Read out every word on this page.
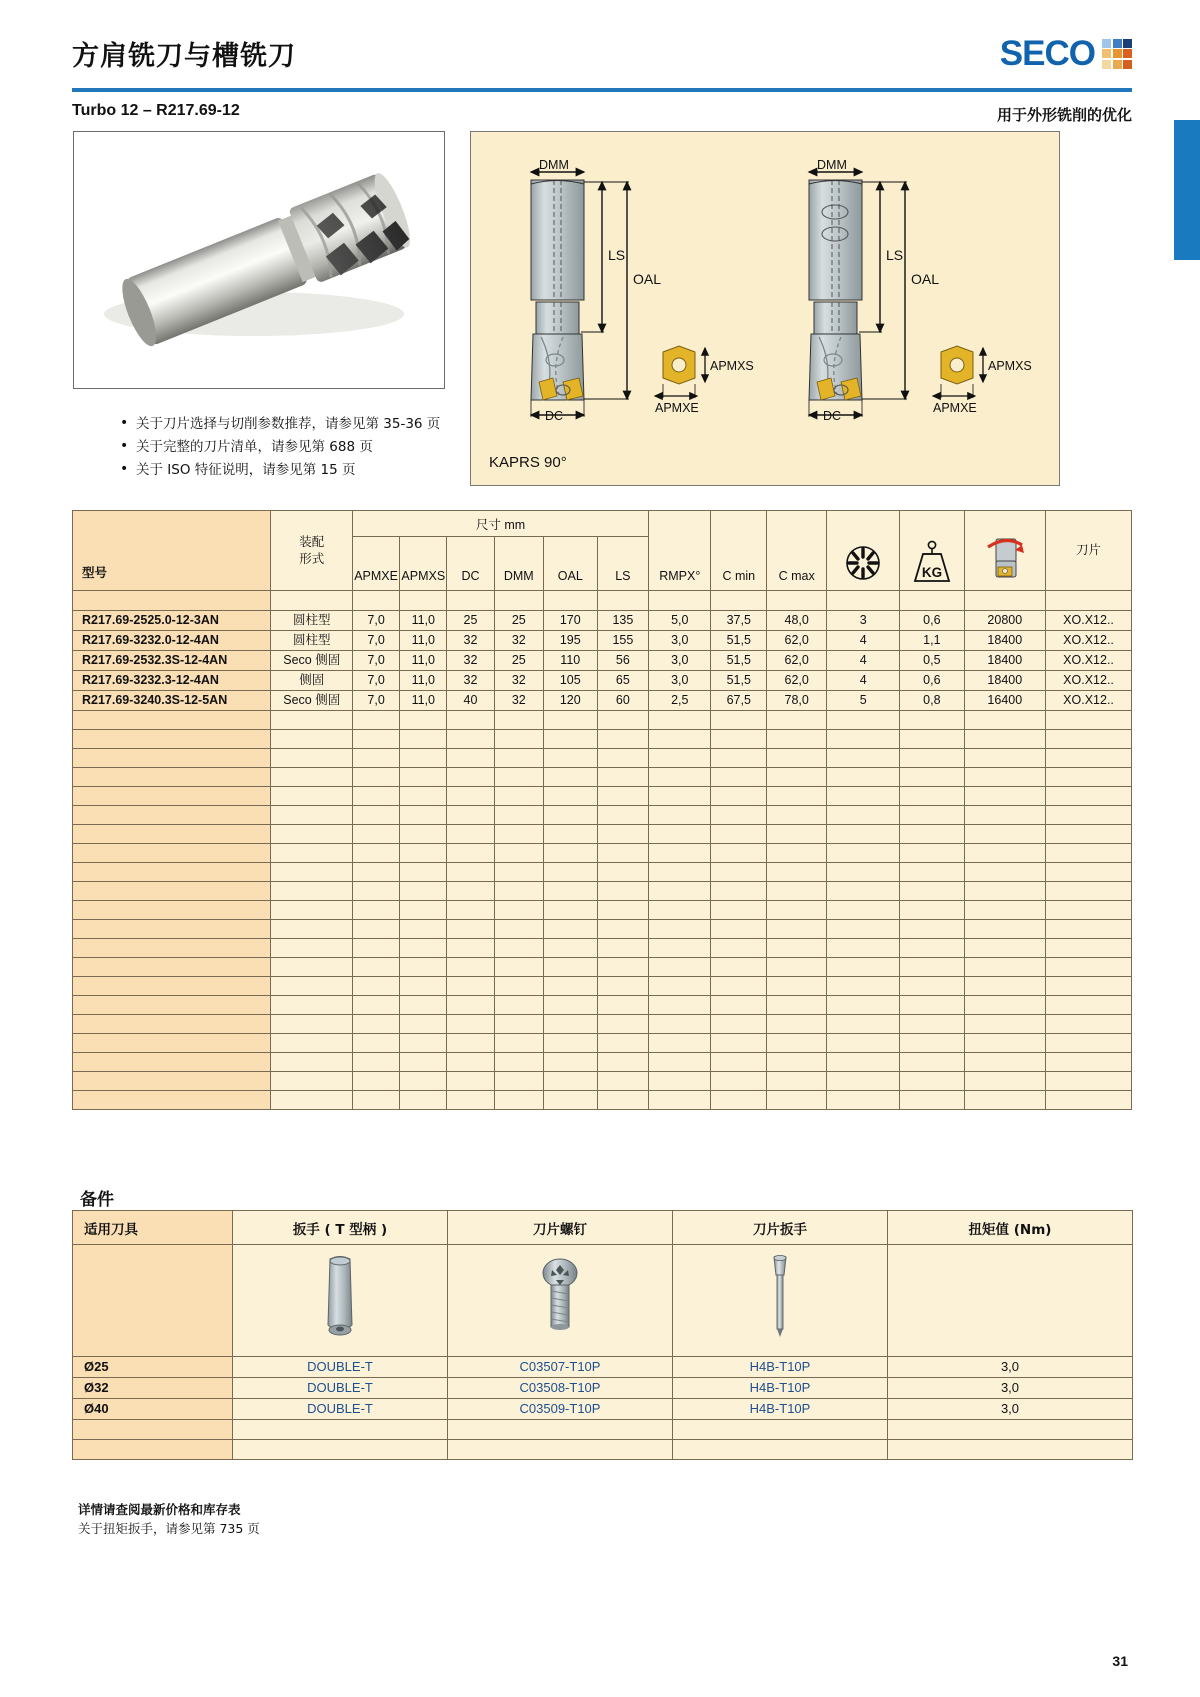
方肩铣刀与槽铣刀	SECO
Turbo 12 – R217.69-12	用于外形铣削的优化
• 关于刀片选择与切削参数推荐，请参见第 35-36 页
• 关于完整的刀片清单，请参见第 688 页
• 关于 ISO 特征说明，请参见第 15 页
DMM
LS
OAL
DC
APMXS
APMXE
DMM
LS
OAL
DC
APMXS
APMXE
KAPRS 90°
型号	装配
形式	尺寸 mm						RMPX°	C min	C max		KG		刀片
		APMXE	APMXS	DC	DMM	OAL	LS							

R217.69-2525.0-12-3AN	圆柱型	7,0	11,0	25	25	170	135	5,0	37,5	48,0	3	0,6	20800	XO.X12..
R217.69-3232.0-12-4AN	圆柱型	7,0	11,0	32	32	195	155	3,0	51,5	62,0	4	1,1	18400	XO.X12..
R217.69-2532.3S-12-4AN	Seco 侧固	7,0	11,0	32	25	110	56	3,0	51,5	62,0	4	0,5	18400	XO.X12..
R217.69-3232.3-12-4AN	侧固	7,0	11,0	32	32	105	65	3,0	51,5	62,0	4	0,6	18400	XO.X12..
R217.69-3240.3S-12-5AN	Seco 侧固	7,0	11,0	40	32	120	60	2,5	67,5	78,0	5	0,8	16400	XO.X12..

备件
适用刀具	扳手 ( T 型柄 )	刀片螺钉	刀片扳手	扭矩值 (Nm)

Ø25	DOUBLE-T	C03507-T10P	H4B-T10P	3,0
Ø32	DOUBLE-T	C03508-T10P	H4B-T10P	3,0
Ø40	DOUBLE-T	C03509-T10P	H4B-T10P	3,0

详情请查阅最新价格和库存表
关于扭矩扳手，请参见第 735 页
31
